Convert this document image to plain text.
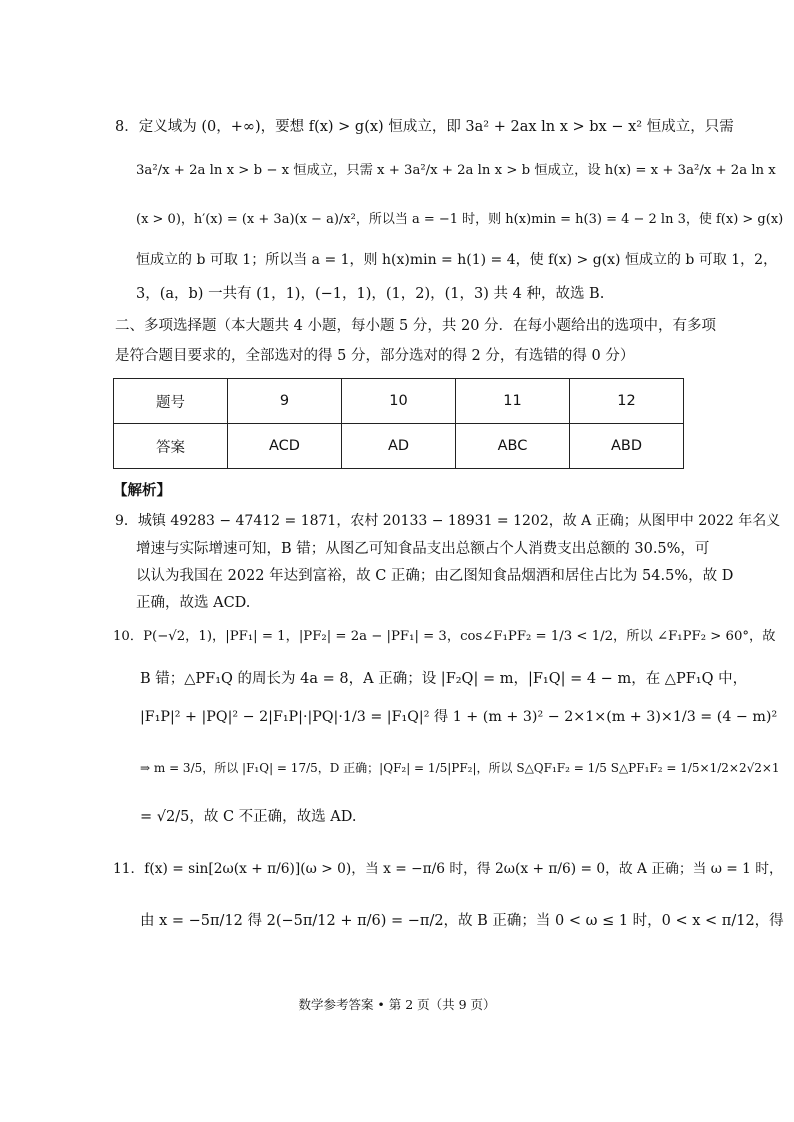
8．定义域为 (0，+∞)，要想 f(x) > g(x) 恒成立，即 3a² + 2ax ln x > bx − x² 恒成立，只需
3a²/x + 2a ln x > b − x 恒成立，只需 x + 3a²/x + 2a ln x > b 恒成立，设 h(x) = x + 3a²/x + 2a ln x
(x > 0)，h′(x) = (x + 3a)(x − a)/x²，所以当 a = −1 时，则 h(x)min = h(3) = 4 − 2 ln 3，使 f(x) > g(x)
恒成立的 b 可取 1；所以当 a = 1，则 h(x)min = h(1) = 4，使 f(x) > g(x) 恒成立的 b 可取 1，2，
3，(a，b) 一共有 (1，1)，(−1，1)，(1，2)，(1，3) 共 4 种，故选 B.
二、多项选择题（本大题共 4 小题，每小题 5 分，共 20 分．在每小题给出的选项中，有多项
是符合题目要求的，全部选对的得 5 分，部分选对的得 2 分，有选错的得 0 分）
题号	9	10	11	12
答案	ACD	AD	ABC	ABD
【解析】
9．城镇 49283 − 47412 = 1871，农村 20133 − 18931 = 1202，故 A 正确；从图甲中 2022 年名义
增速与实际增速可知，B 错；从图乙可知食品支出总额占个人消费支出总额的 30.5%，可
以认为我国在 2022 年达到富裕，故 C 正确；由乙图知食品烟酒和居住占比为 54.5%，故 D
正确，故选 ACD.
10．P(−√2，1)，|PF₁| = 1，|PF₂| = 2a − |PF₁| = 3，cos∠F₁PF₂ = 1/3 < 1/2，所以 ∠F₁PF₂ > 60°，故
B 错；△PF₁Q 的周长为 4a = 8，A 正确；设 |F₂Q| = m，|F₁Q| = 4 − m，在 △PF₁Q 中，
|F₁P|² + |PQ|² − 2|F₁P|·|PQ|·1/3 = |F₁Q|² 得 1 + (m + 3)² − 2×1×(m + 3)×1/3 = (4 − m)²
⇒ m = 3/5，所以 |F₁Q| = 17/5，D 正确；|QF₂| = 1/5|PF₂|，所以 S△QF₁F₂ = 1/5 S△PF₁F₂ = 1/5×1/2×2√2×1
= √2/5，故 C 不正确，故选 AD.
11．f(x) = sin[2ω(x + π/6)](ω > 0)，当 x = −π/6 时，得 2ω(x + π/6) = 0，故 A 正确；当 ω = 1 时，
由 x = −5π/12 得 2(−5π/12 + π/6) = −π/2，故 B 正确；当 0 < ω ≤ 1 时，0 < x < π/12，得
数学参考答案 • 第 2 页（共 9 页）
